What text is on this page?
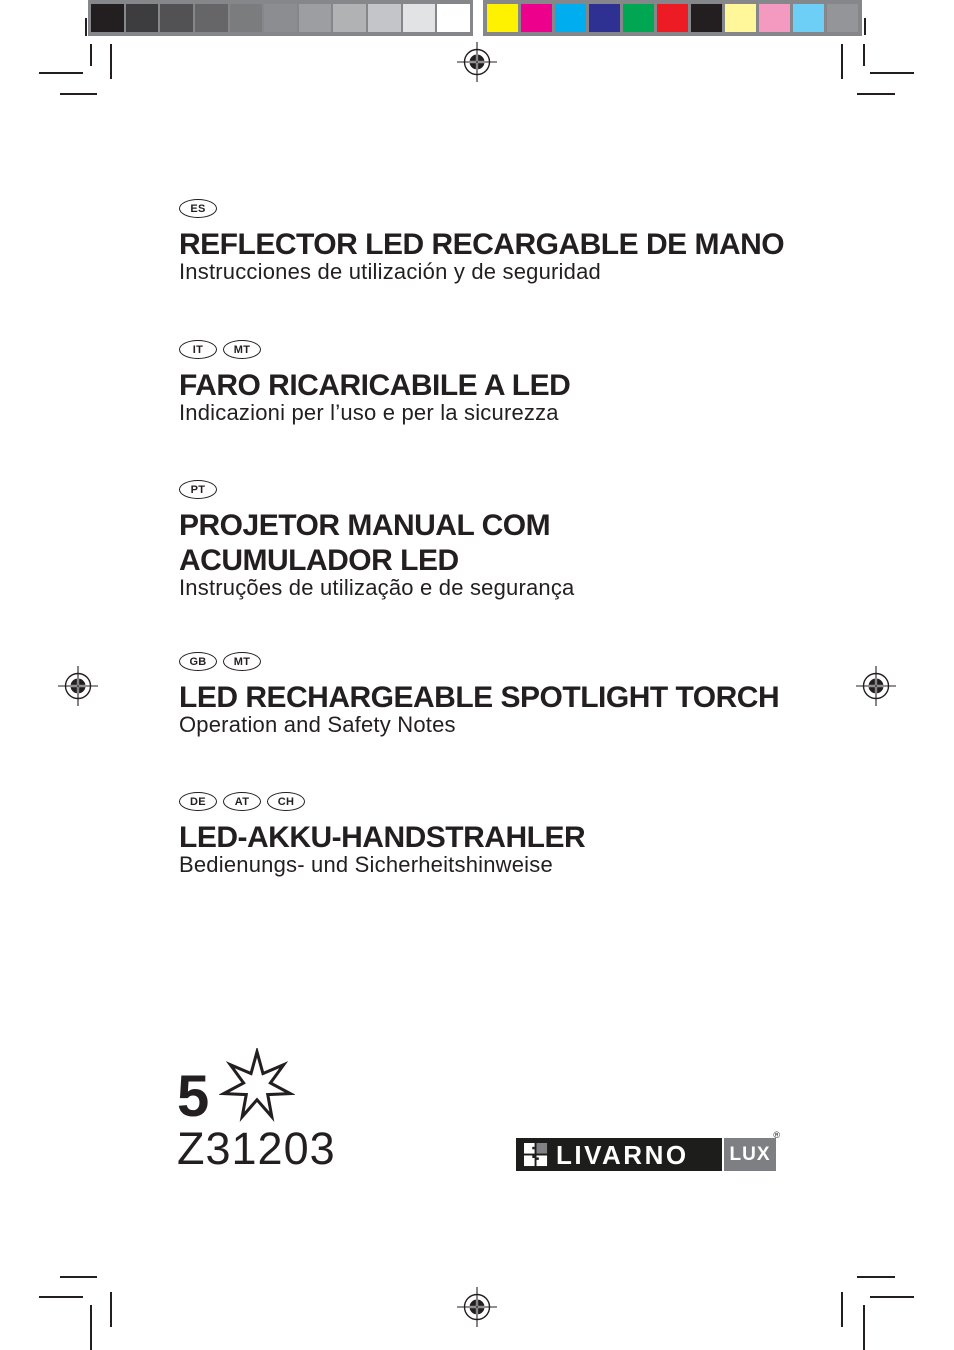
ES
REFLECTOR LED RECARGABLE DE MANO
Instrucciones de utilización y de seguridad
IT	MT
FARO RICARICABILE A LED
Indicazioni per l’uso e per la sicurezza
PT
PROJETOR MANUAL COM
ACUMULADOR LED
Instruções de utilização e de segurança
GB	MT
LED RECHARGEABLE SPOTLIGHT TORCH
Operation and Safety Notes
DE	AT	CH
LED-AKKU-HANDSTRAHLER
Bedienungs- und Sicherheitshinweise
5
Z31203	LIVARNO LUX
®
